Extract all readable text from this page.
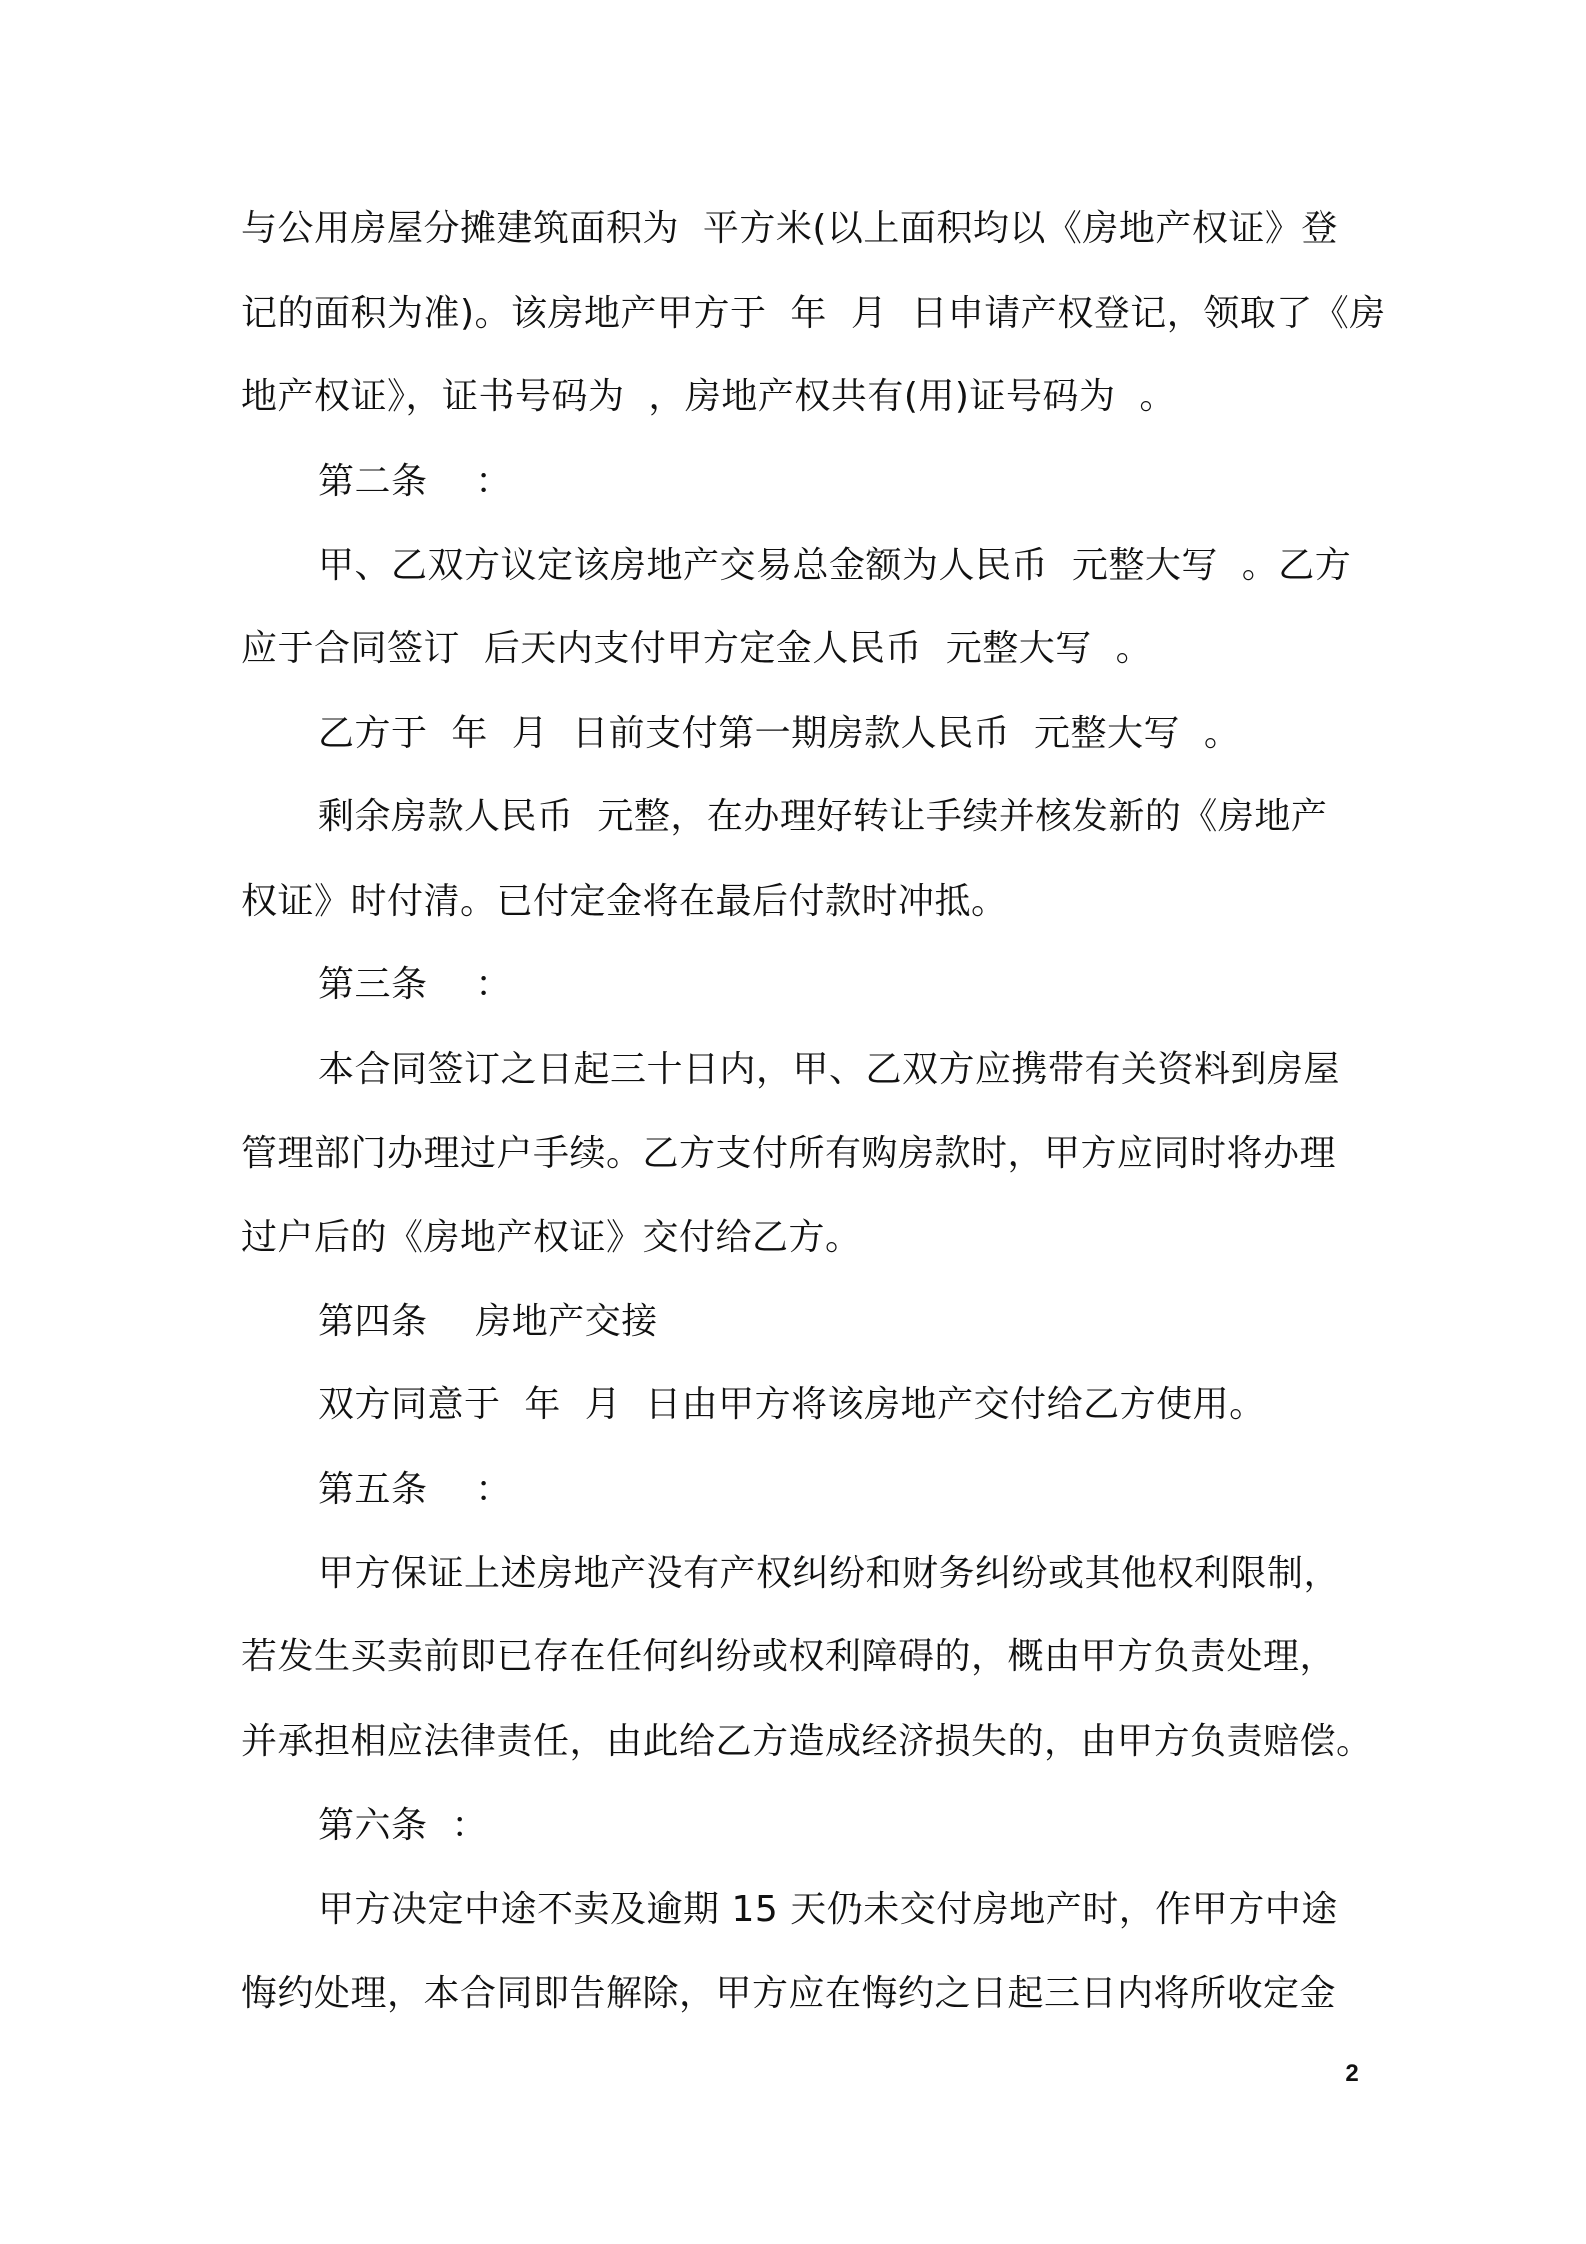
与公用房屋分摊建筑面积为  平方米(以上面积均以《房地产权证》登
记的面积为准)。该房地产甲方于  年  月  日申请产权登记，领取了《房
地产权证》，证书号码为  ，房地产权共有(用)证号码为  。
第二条    ：
甲、乙双方议定该房地产交易总金额为人民币  元整大写  。乙方
应于合同签订  后天内支付甲方定金人民币  元整大写  。
乙方于  年  月  日前支付第一期房款人民币  元整大写  。
剩余房款人民币  元整，在办理好转让手续并核发新的《房地产
权证》时付清。已付定金将在最后付款时冲抵。
第三条    ：
本合同签订之日起三十日内，甲、乙双方应携带有关资料到房屋
管理部门办理过户手续。乙方支付所有购房款时，甲方应同时将办理
过户后的《房地产权证》交付给乙方。
第四条    房地产交接
双方同意于  年  月  日由甲方将该房地产交付给乙方使用。
第五条    ：
甲方保证上述房地产没有产权纠纷和财务纠纷或其他权利限制，
若发生买卖前即已存在任何纠纷或权利障碍的，概由甲方负责处理，
并承担相应法律责任，由此给乙方造成经济损失的，由甲方负责赔偿。
第六条  ：
甲方决定中途不卖及逾期 15 天仍未交付房地产时，作甲方中途
悔约处理，本合同即告解除，甲方应在悔约之日起三日内将所收定金
2
